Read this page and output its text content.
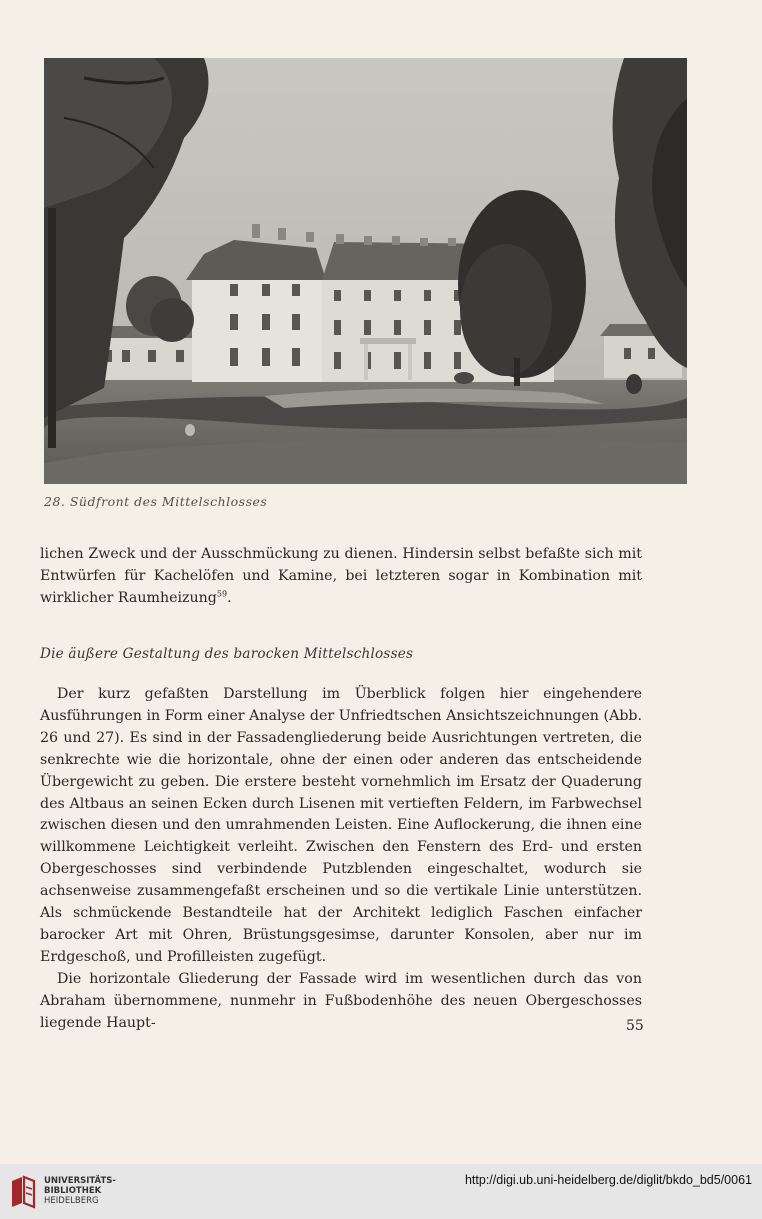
28. Südfront des Mittelschlosses

lichen Zweck und der Ausschmückung zu dienen. Hindersin selbst befaßte sich mit Entwürfen für Kachelöfen und Kamine, bei letzteren sogar in Kombination mit wirklicher Raumheizung$^{59}$.

Die äußere Gestaltung des barocken Mittelschlosses

Der kurz gefaßten Darstellung im Überblick folgen hier eingehendere Ausführungen in Form einer Analyse der Unfriedtschen Ansichtszeichnungen (Abb. 26 und 27). Es sind in der Fassadengliederung beide Ausrichtungen vertreten, die senkrechte wie die horizontale, ohne der einen oder anderen das entscheidende Übergewicht zu geben. Die erstere besteht vornehmlich im Ersatz der Quaderung des Altbaus an seinen Ecken durch Lisenen mit vertieften Feldern, im Farbwechsel zwischen diesen und den umrahmenden Leisten. Eine Auflockerung, die ihnen eine willkommene Leichtigkeit verleiht. Zwischen den Fenstern des Erd- und ersten Obergeschosses sind verbindende Putzblenden eingeschaltet, wodurch sie achsenweise zusammengefaßt erscheinen und so die vertikale Linie unterstützen. Als schmückende Bestandteile hat der Architekt lediglich Faschen einfacher barocker Art mit Ohren, Brüstungsgesimse, darunter Konsolen, aber nur im Erdgeschoß, und Profilleisten zugefügt.

Die horizontale Gliederung der Fassade wird im wesentlichen durch das von Abraham übernommene, nunmehr in Fußbodenhöhe des neuen Obergeschosses liegende Haupt-	55
UNIVERSITÄTS-
BIBLIOTHEK
HEIDELBERG
http://digi.ub.uni-heidelberg.de/diglit/bkdo_bd5/0061
